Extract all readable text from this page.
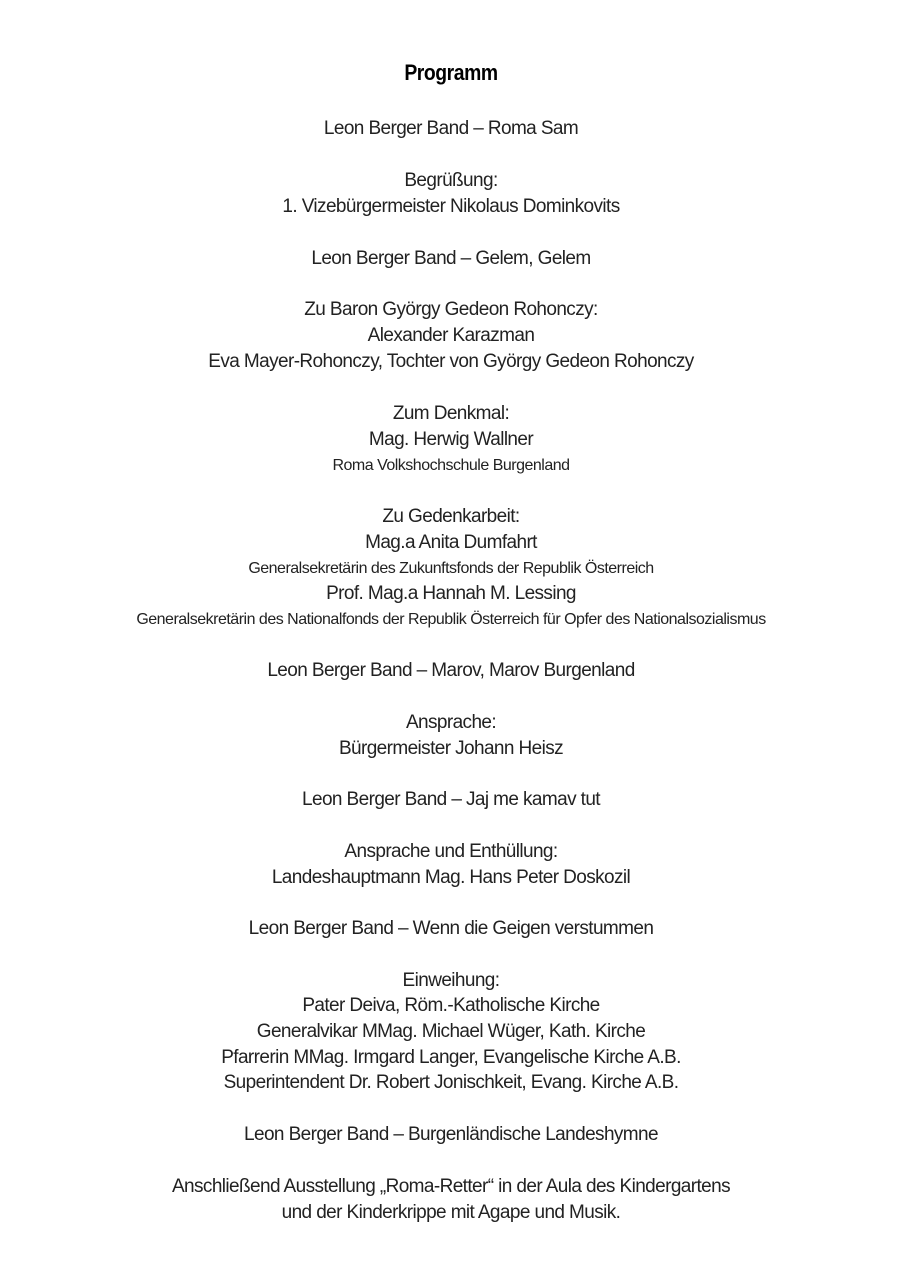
Programm
Leon Berger Band – Roma Sam
Begrüßung:
1. Vizebürgermeister Nikolaus Dominkovits
Leon Berger Band – Gelem, Gelem
Zu Baron György Gedeon Rohonczy:
Alexander Karazman
Eva Mayer-Rohonczy, Tochter von György Gedeon Rohonczy
Zum Denkmal:
Mag. Herwig Wallner
Roma Volkshochschule Burgenland
Zu Gedenkarbeit:
Mag.a Anita Dumfahrt
Generalsekretärin des Zukunftsfonds der Republik Österreich
Prof. Mag.a Hannah M. Lessing
Generalsekretärin des Nationalfonds der Republik Österreich für Opfer des Nationalsozialismus
Leon Berger Band – Marov, Marov Burgenland
Ansprache:
Bürgermeister Johann Heisz
Leon Berger Band – Jaj me kamav tut
Ansprache und Enthüllung:
Landeshauptmann Mag. Hans Peter Doskozil
Leon Berger Band – Wenn die Geigen verstummen
Einweihung:
Pater Deiva, Röm.-Katholische Kirche
Generalvikar MMag. Michael Wüger, Kath. Kirche
Pfarrerin MMag. Irmgard Langer, Evangelische Kirche A.B.
Superintendent Dr. Robert Jonischkeit, Evang. Kirche A.B.
Leon Berger Band – Burgenländische Landeshymne
Anschließend Ausstellung „Roma-Retter“ in der Aula des Kindergartens
und der Kinderkrippe mit Agape und Musik.
